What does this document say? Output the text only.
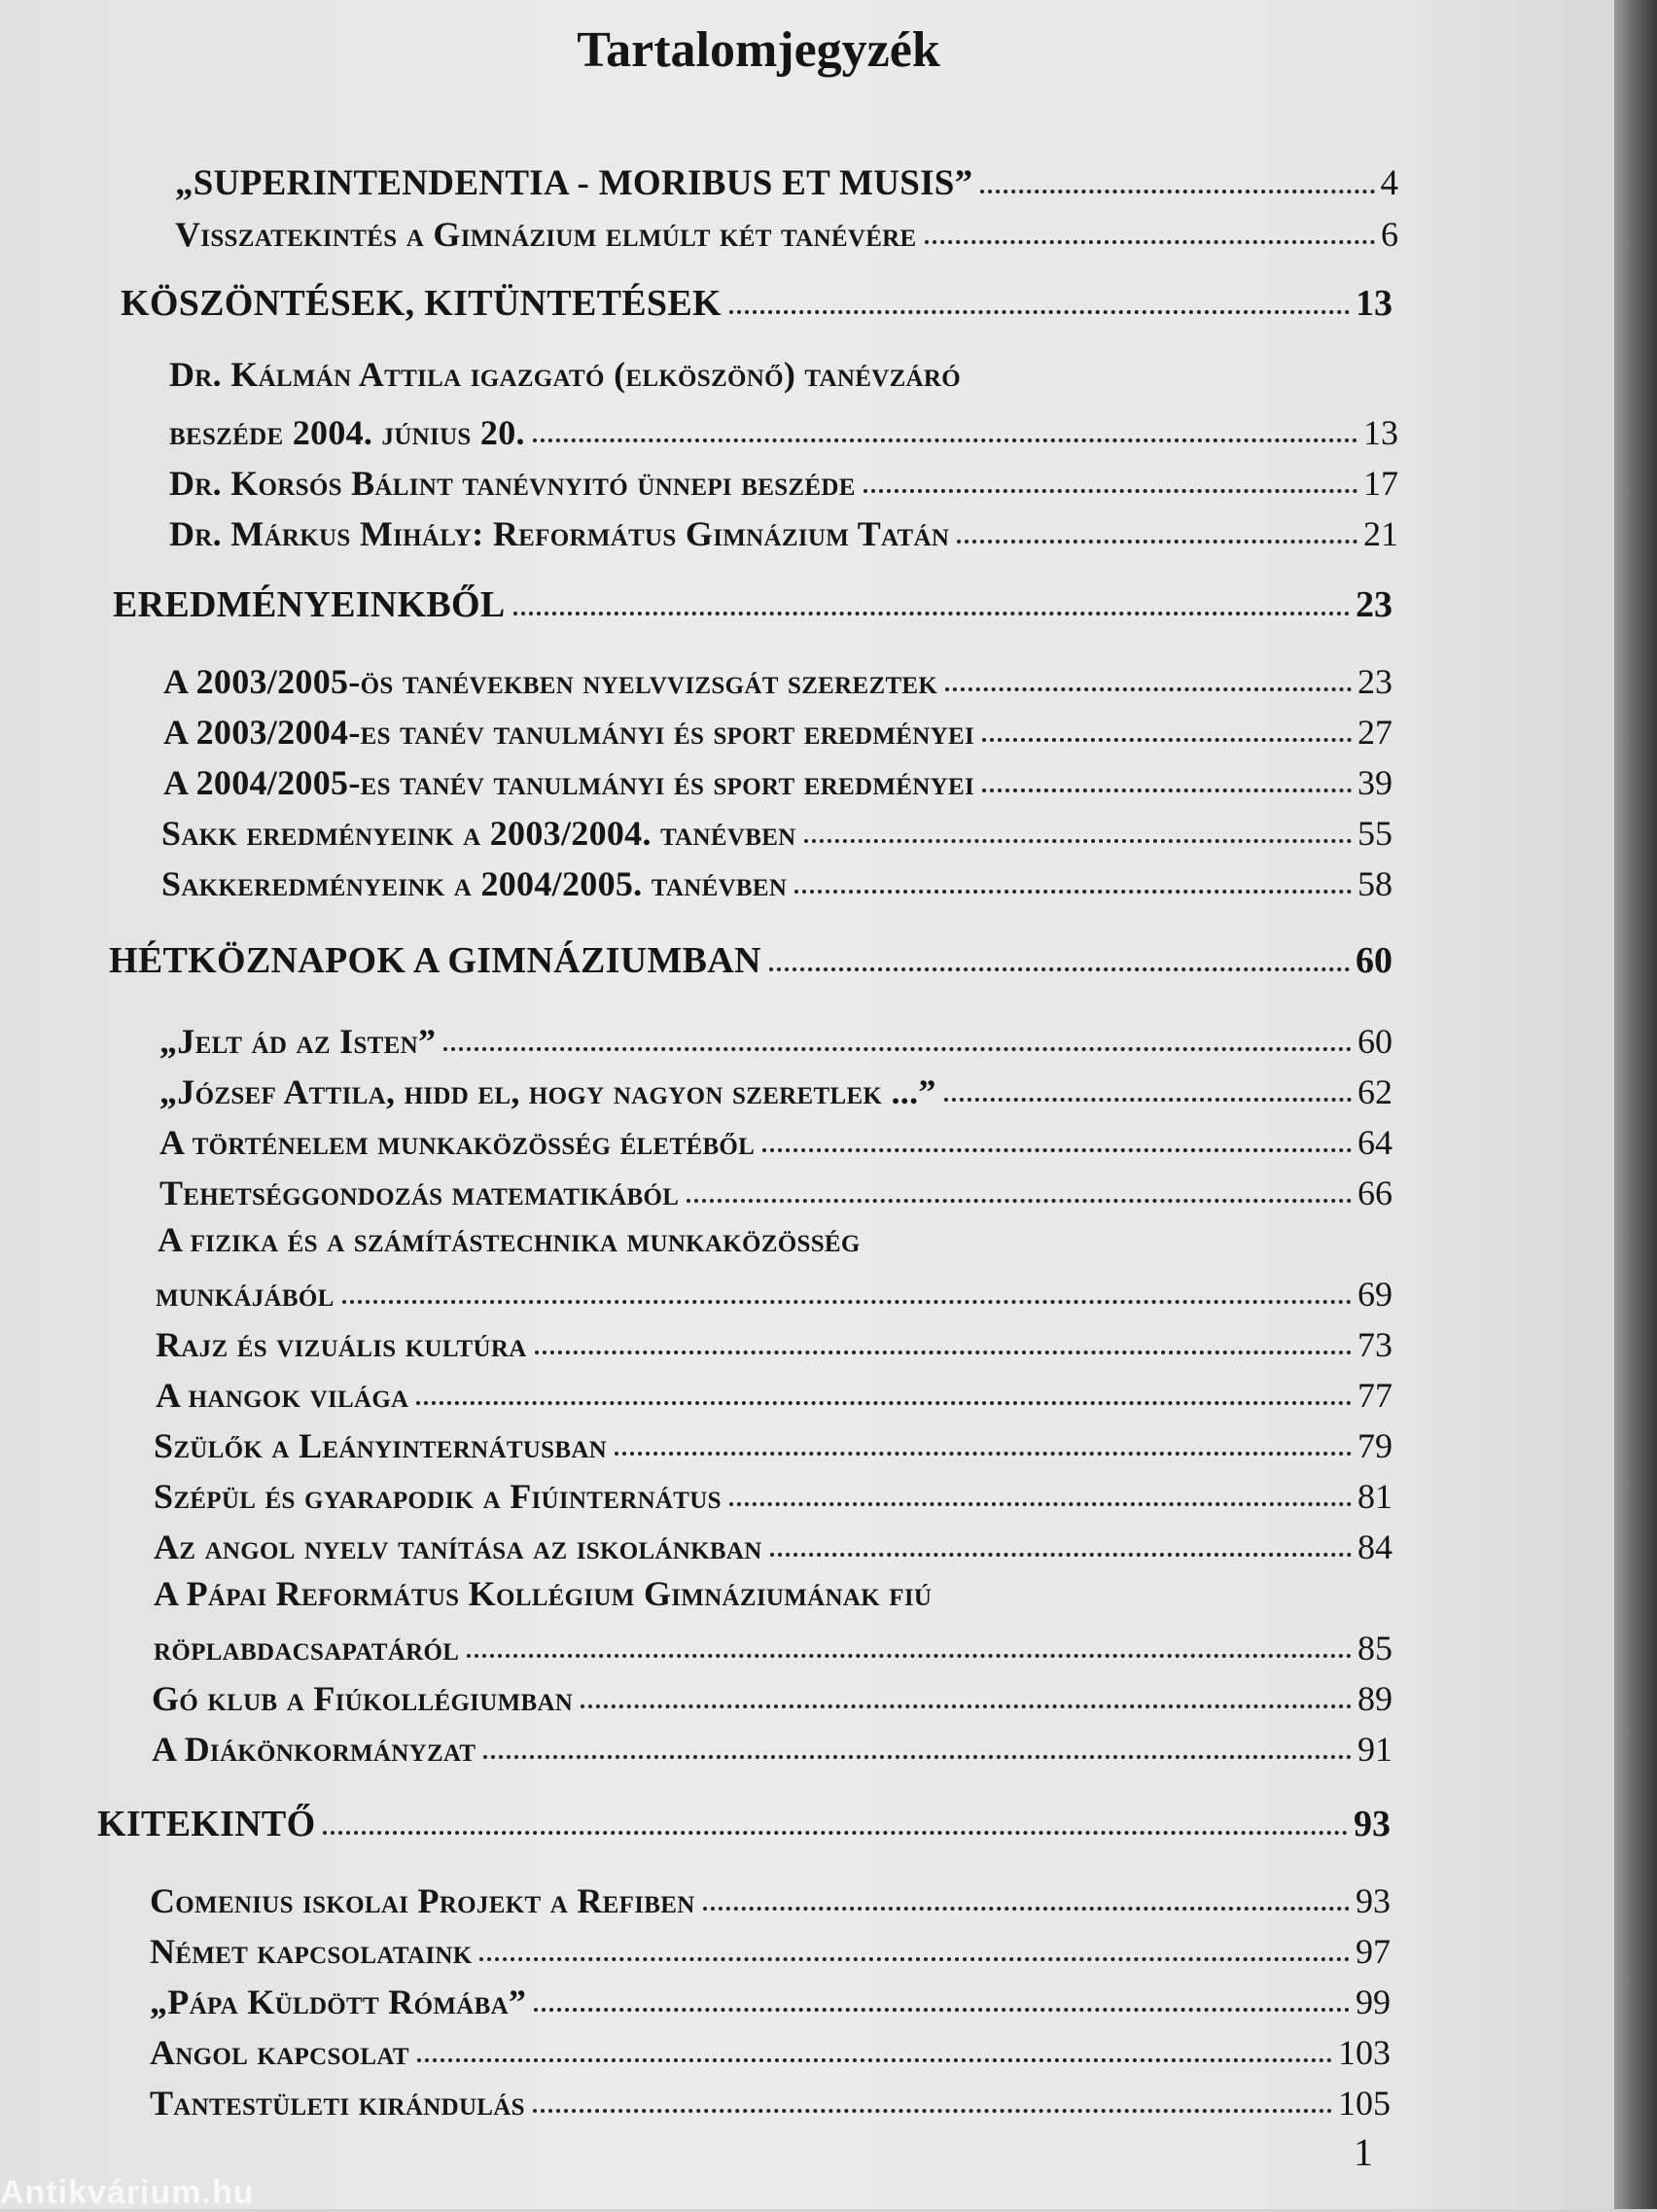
Tartalomjegyzék
„SUPERINTENDENTIA - MORIBUS ET MUSIS”	4
Visszatekintés a Gimnázium elmúlt két tanévére	6
KÖSZÖNTÉSEK, KITÜNTETÉSEK	13
Dr. Kálmán Attila igazgató (elköszönő) tanévzáró
beszéde 2004. június 20.	13
Dr. Korsós Bálint tanévnyitó ünnepi beszéde	17
Dr. Márkus Mihály: Református Gimnázium Tatán	21
EREDMÉNYEINKBŐL	23
A 2003/2005-ös tanévekben nyelvvizsgát szereztek	23
A 2003/2004-es tanév tanulmányi és sport eredményei	27
A 2004/2005-es tanév tanulmányi és sport eredményei	39
Sakk eredményeink a 2003/2004. tanévben	55
Sakkeredményeink a 2004/2005. tanévben	58
HÉTKÖZNAPOK A GIMNÁZIUMBAN	60
„Jelt ád az Isten”	60
„József Attila, hidd el, hogy nagyon szeretlek ...”	62
A történelem munkaközösség életéből	64
Tehetséggondozás matematikából	66
A fizika és a számítástechnika munkaközösség
munkájából	69
Rajz és vizuális kultúra	73
A hangok világa	77
Szülők a Leányinternátusban	79
Szépül és gyarapodik a Fiúinternátus	81
Az angol nyelv tanítása az iskolánkban	84
A Pápai Református Kollégium Gimnáziumának fiú
röplabdacsapatáról	85
Gó klub a Fiúkollégiumban	89
A Diákönkormányzat	91
KITEKINTŐ	93
Comenius iskolai Projekt a Refiben	93
Német kapcsolataink	97
„Pápa Küldött Rómába”	99
Angol kapcsolat	103
Tantestületi kirándulás	105
1
Antikvárium.hu
